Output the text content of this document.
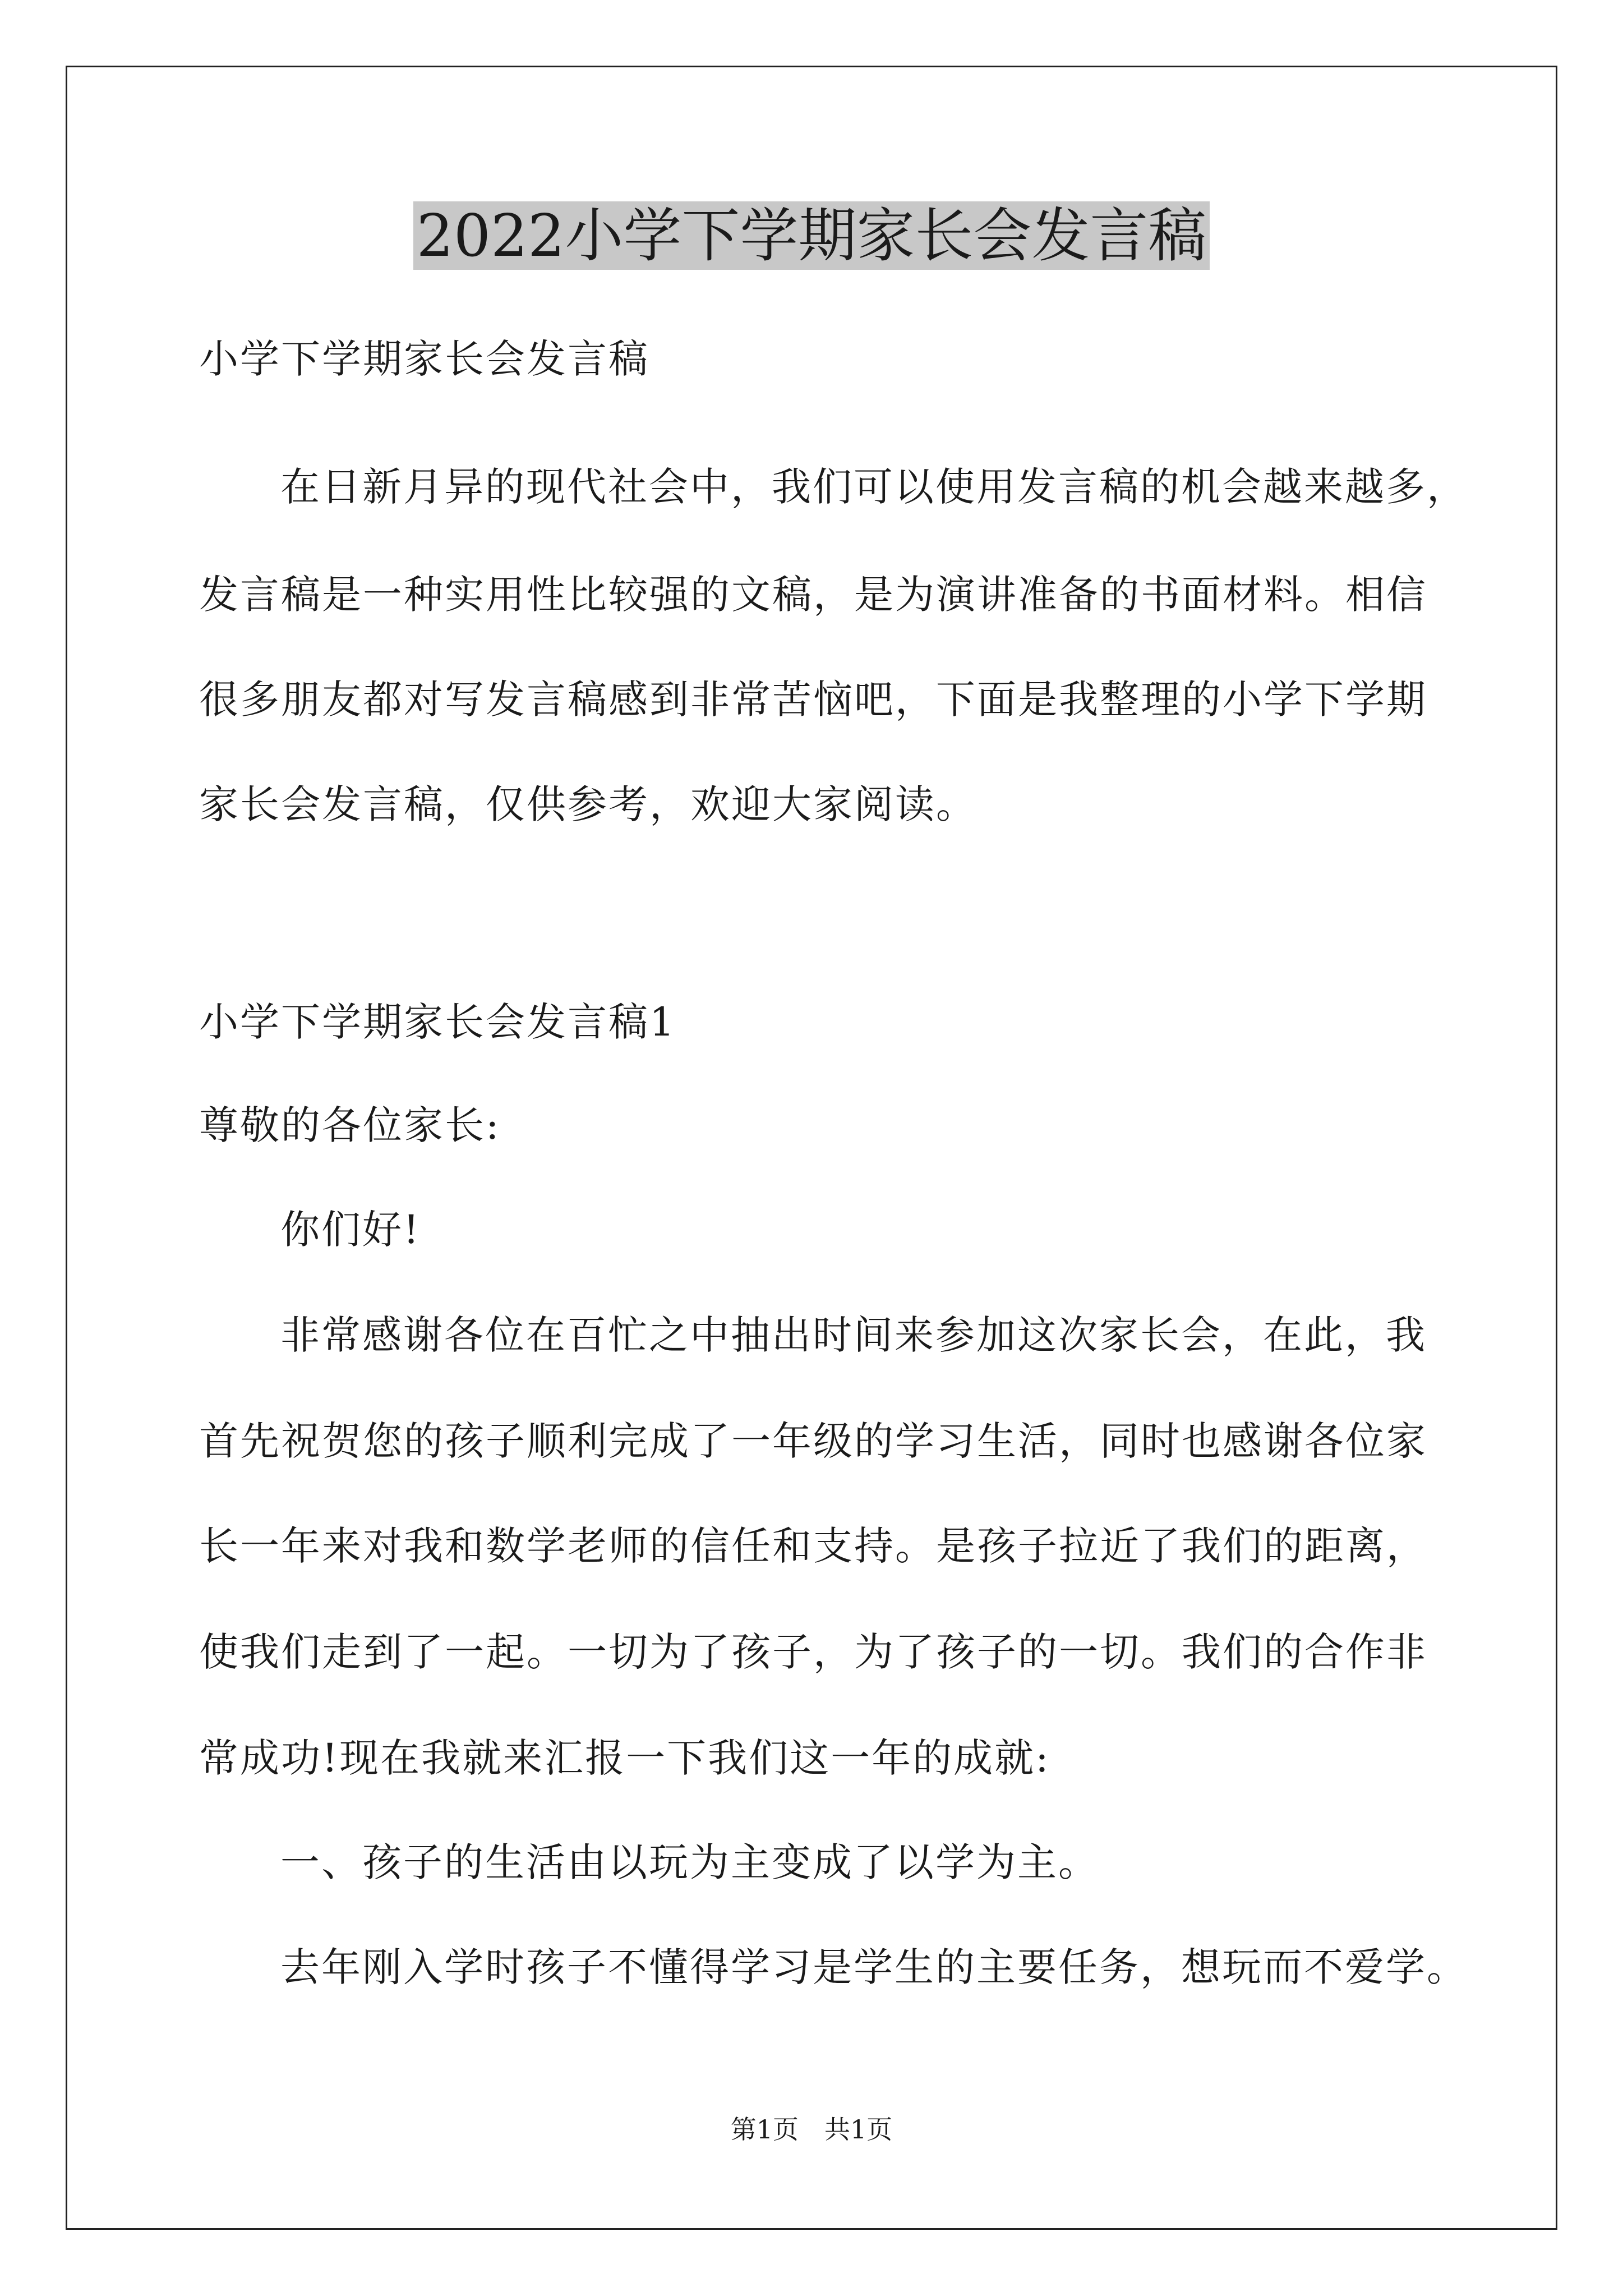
2022小学下学期家长会发言稿
小学下学期家长会发言稿
在日新月异的现代社会中，我们可以使用发言稿的机会越来越多，
发言稿是一种实用性比较强的文稿，是为演讲准备的书面材料。相信
很多朋友都对写发言稿感到非常苦恼吧，下面是我整理的小学下学期
家长会发言稿，仅供参考，欢迎大家阅读。
小学下学期家长会发言稿1
尊敬的各位家长:
你们好!
非常感谢各位在百忙之中抽出时间来参加这次家长会，在此，我
首先祝贺您的孩子顺利完成了一年级的学习生活，同时也感谢各位家
长一年来对我和数学老师的信任和支持。是孩子拉近了我们的距离，
使我们走到了一起。一切为了孩子，为了孩子的一切。我们的合作非
常成功!现在我就来汇报一下我们这一年的成就:
一、孩子的生活由以玩为主变成了以学为主。
去年刚入学时孩子不懂得学习是学生的主要任务，想玩而不爱学。
第1页　共1页
